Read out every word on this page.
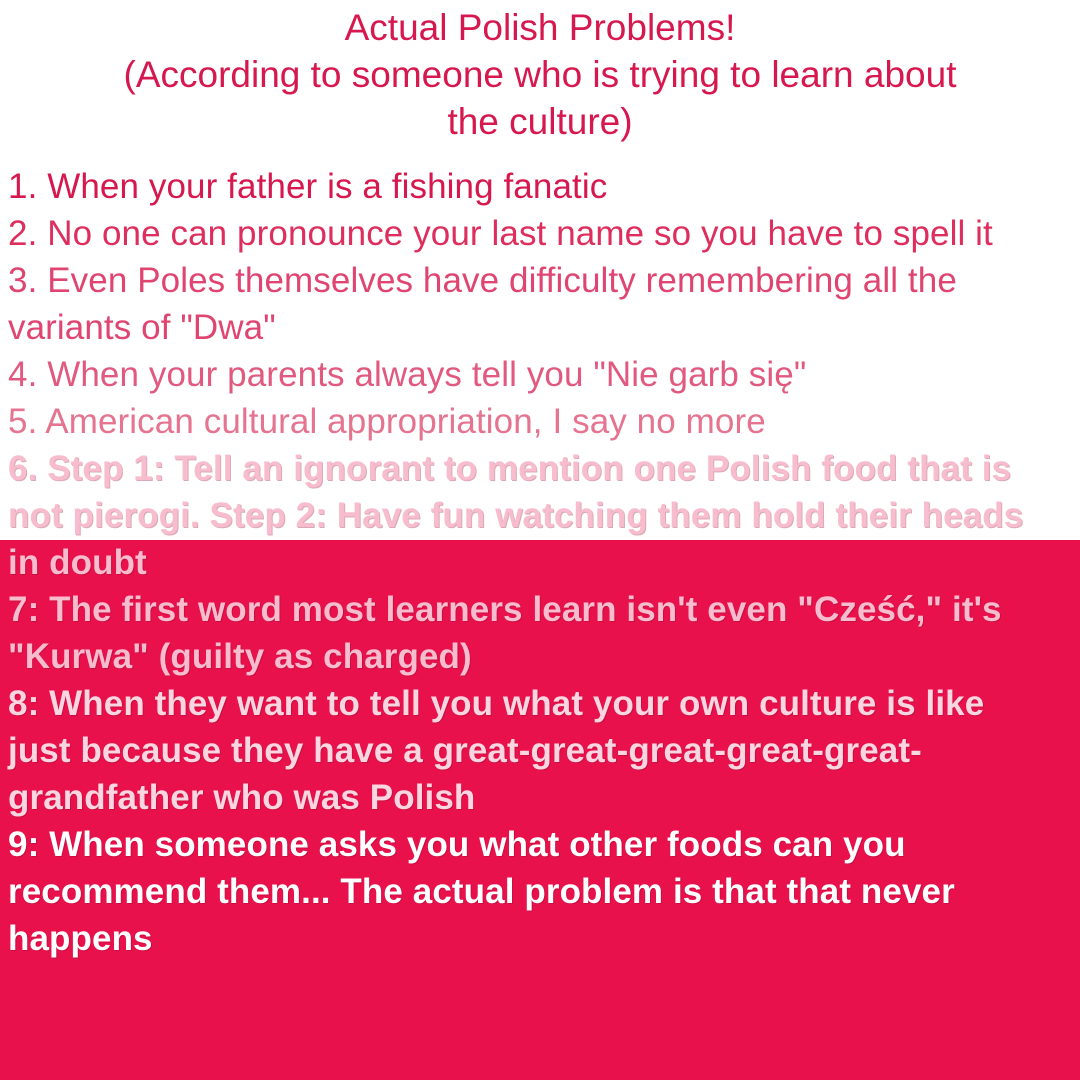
Actual Polish Problems!
(According to someone who is trying to learn about
the culture)

1. When your father is a fishing fanatic

2. No one can pronounce your last name so you have to spell it

3. Even Poles themselves have difficulty remembering all the variants of "Dwa"

4. When your parents always tell you "Nie garb się"

5. American cultural appropriation, I say no more

6. Step 1: Tell an ignorant to mention one Polish food that is not pierogi. Step 2: Have fun watching them hold their heads in doubt

7: The first word most learners learn isn't even "Cześć," it's "Kurwa" (guilty as charged)

8: When they want to tell you what your own culture is like just because they have a great-great-great-great-great-grandfather who was Polish

9: When someone asks you what other foods can you recommend them... The actual problem is that that never happens
